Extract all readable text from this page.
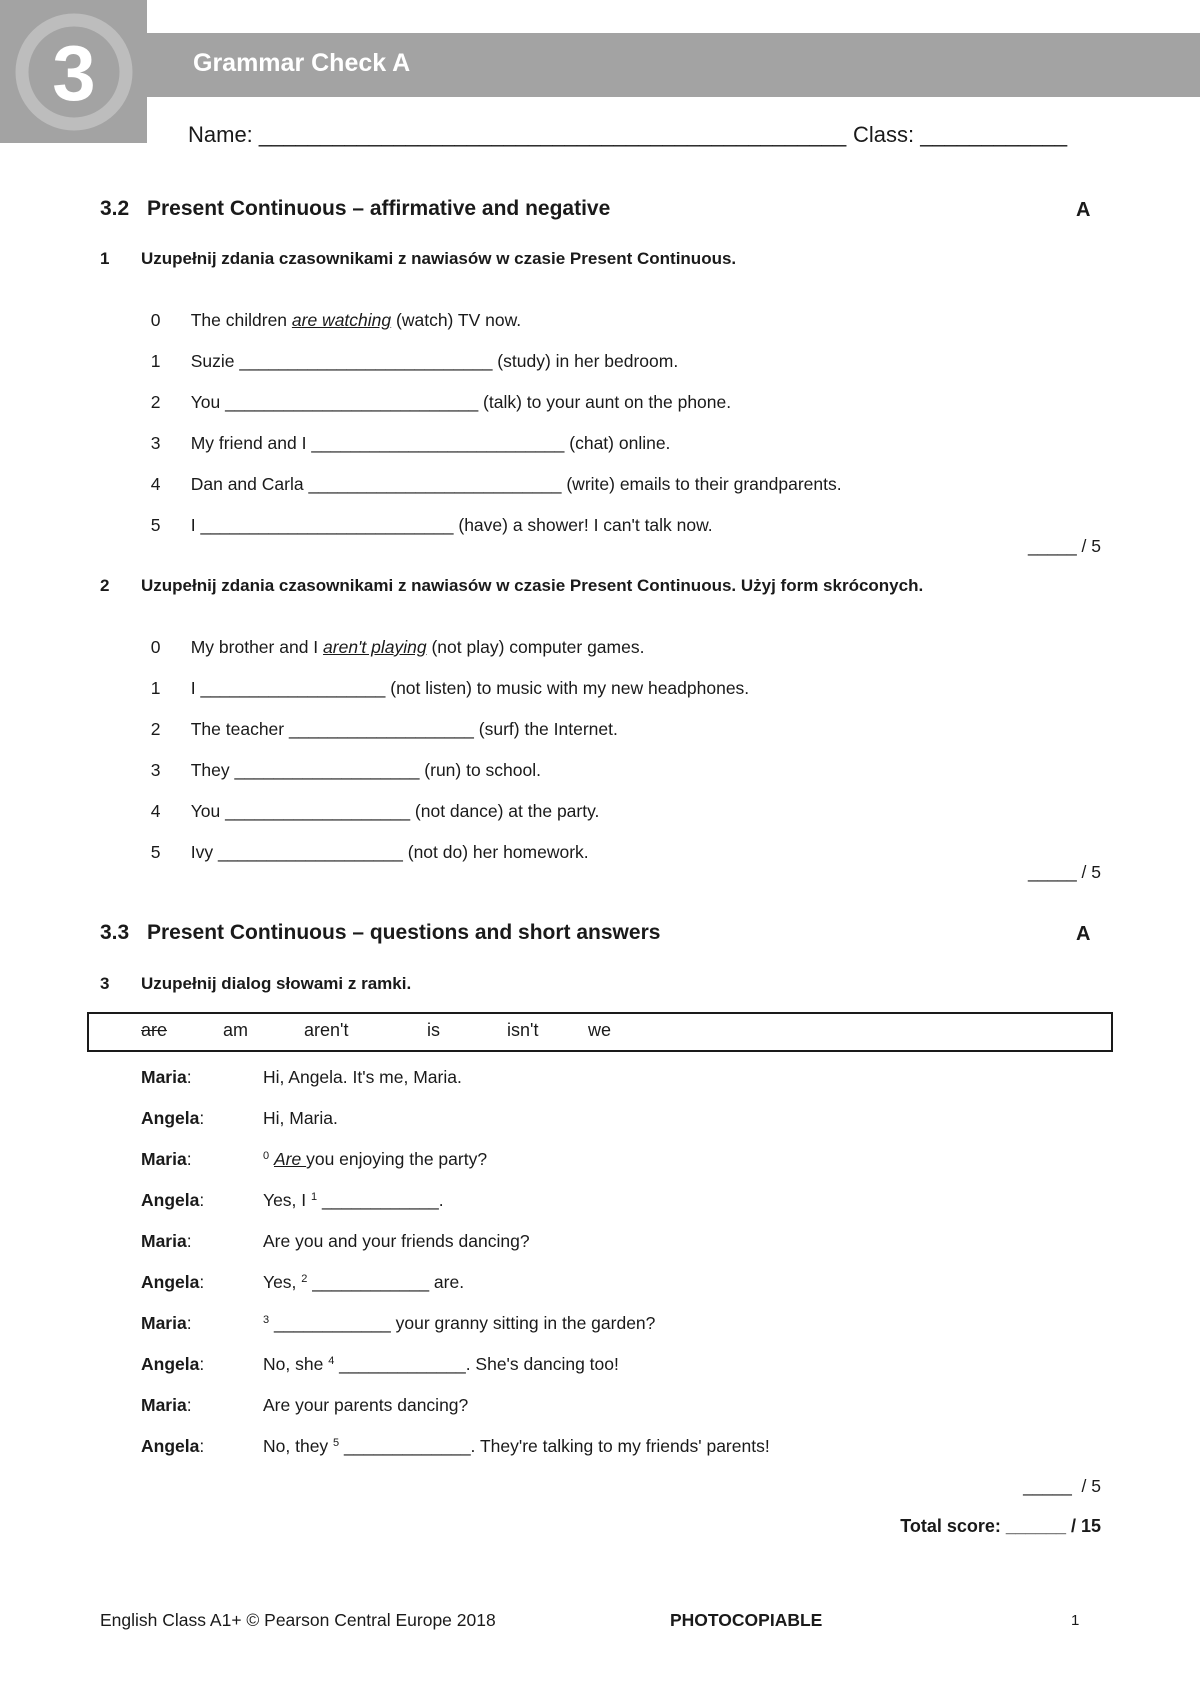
3	Grammar Check A
Name: ________________________________________________ Class: ____________
3.2 Present Continuous – affirmative and negative	A
1 Uzupełnij zdania czasownikami z nawiasów w czasie Present Continuous.

0 The children are watching (watch) TV now.

1 Suzie __________________________ (study) in her bedroom.

2 You __________________________ (talk) to your aunt on the phone.

3 My friend and I __________________________ (chat) online.

4 Dan and Carla __________________________ (write) emails to their grandparents.

5 I __________________________ (have) a shower! I can't talk now.

_____ / 5
2 Uzupełnij zdania czasownikami z nawiasów w czasie Present Continuous. Użyj form skróconych.

0 My brother and I aren't playing (not play) computer games.

1 I ___________________ (not listen) to music with my new headphones.

2 The teacher ___________________ (surf) the Internet.

3 They ___________________ (run) to school.

4 You ___________________ (not dance) at the party.

5 Ivy ___________________ (not do) her homework.

_____ / 5
3.3 Present Continuous – questions and short answers	A
3 Uzupełnij dialog słowami z ramki.
are	am	aren't	is	isn't	we
Maria:	Hi, Angela. It's me, Maria.
Angela:	Hi, Maria.
Maria:	$^0$ Are you enjoying the party?
Angela:	Yes, I $^1$ ____________.
Maria:	Are you and your friends dancing?
Angela:	Yes, $^2$ ____________ are.
Maria:	$^3$ ____________ your granny sitting in the garden?
Angela:	No, she $^4$ _____________. She's dancing too!
Maria:	Are your parents dancing?
Angela:	No, they $^5$ _____________. They're talking to my friends' parents!
_____  / 5
Total score: ______ / 15
English Class A1+ © Pearson Central Europe 2018	PHOTOCOPIABLE	1
